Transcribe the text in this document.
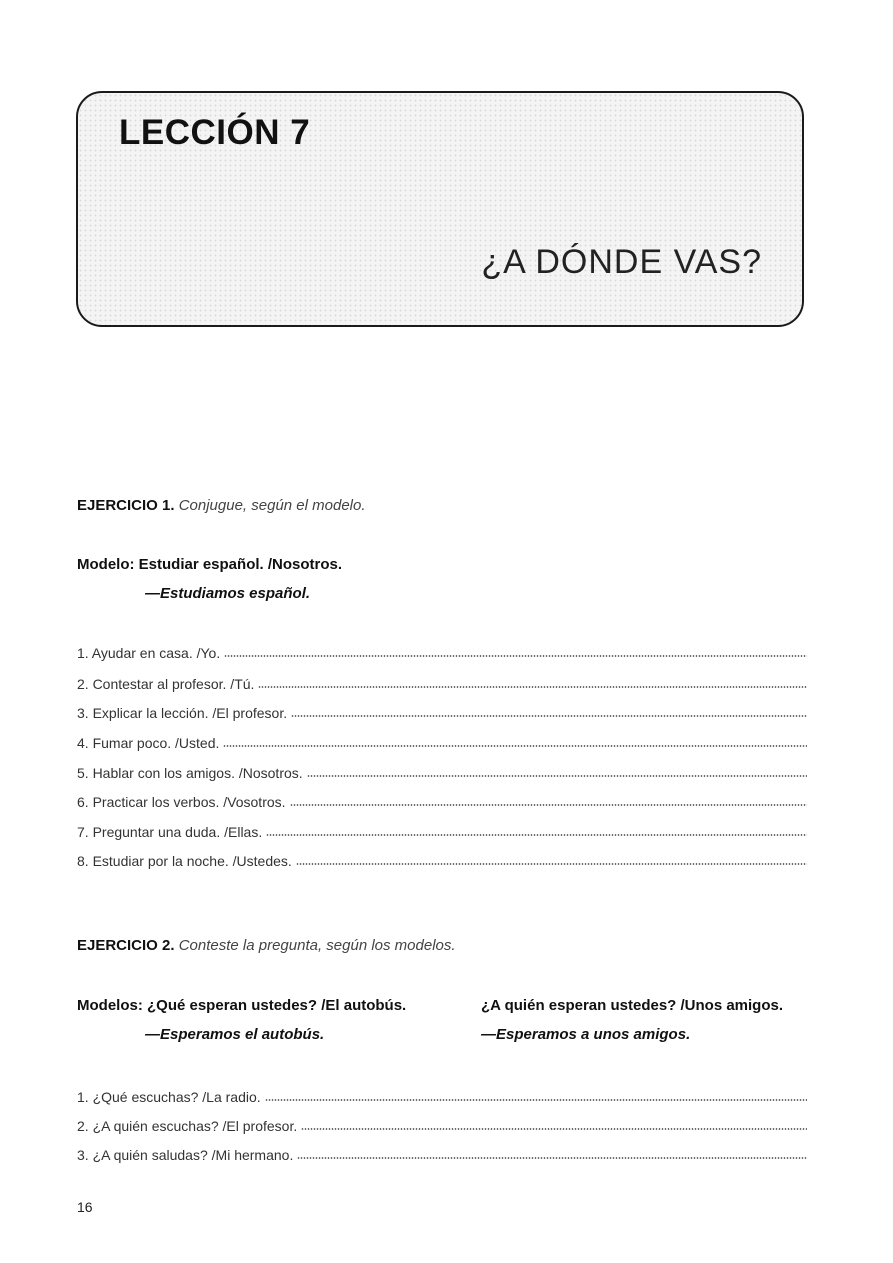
LECCIÓN 7
¿A DÓNDE VAS?
EJERCICIO 1. Conjugue, según el modelo.
Modelo: Estudiar español. /Nosotros.
—Estudiamos español.
1. Ayudar en casa. /Yo.
2. Contestar al profesor. /Tú.
3. Explicar la lección. /El profesor.
4. Fumar poco. /Usted.
5. Hablar con los amigos. /Nosotros.
6. Practicar los verbos. /Vosotros.
7. Preguntar una duda. /Ellas.
8. Estudiar por la noche. /Ustedes.
EJERCICIO 2. Conteste la pregunta, según los modelos.
Modelos: ¿Qué esperan ustedes? /El autobús.
—Esperamos el autobús.
¿A quién esperan ustedes? /Unos amigos.
—Esperamos a unos amigos.
1. ¿Qué escuchas? /La radio.
2. ¿A quién escuchas? /El profesor.
3. ¿A quién saludas? /Mi hermano.
16
